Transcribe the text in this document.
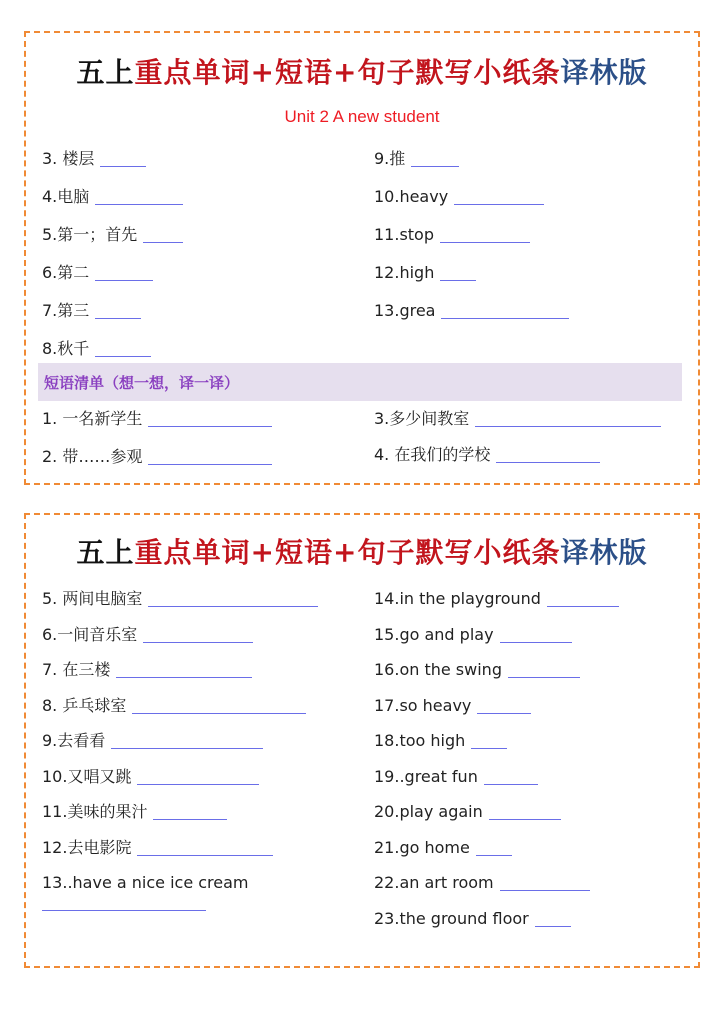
五上重点单词+短语+句子默写小纸条译林版
Unit 2 A new student
3. 楼层
4.电脑
5.第一；首先
6.第二
7.第三
8.秋千
9.推
10.heavy
11.stop
12.high
13.grea
短语清单（想一想，译一译）
1. 一名新学生
2. 带……参观
3.多少间教室
4. 在我们的学校
五上重点单词+短语+句子默写小纸条译林版
5. 两间电脑室
6.一间音乐室
7. 在三楼
8. 乒乓球室
9.去看看
10.又唱又跳
11.美味的果汁
12.去电影院
13..have a nice ice cream
14.in the playground
15.go and play
16.on the swing
17.so heavy
18.too high
19..great fun
20.play again
21.go home
22.an art room
23.the ground floor
